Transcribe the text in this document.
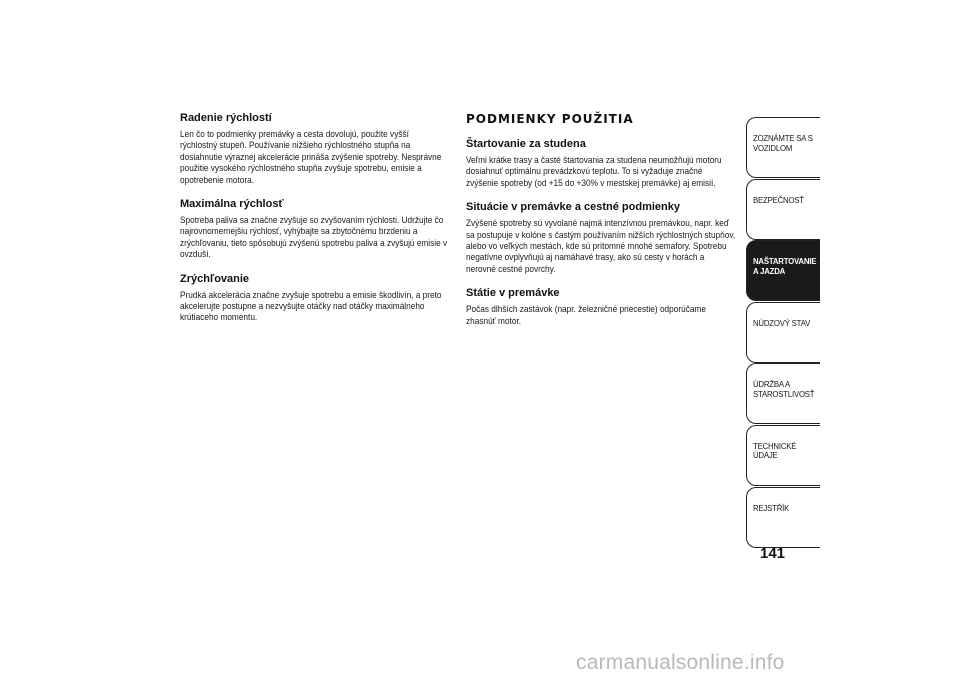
Radenie rýchlostí
Len čo to podmienky premávky a cesta dovolujú, použite vyšší rýchlostný stupeň. Používanie nižšieho rýchlostného stupňa na dosiahnutie výraznej akcelerácie prináša zvýšenie spotreby. Nesprávne použitie vysokého rýchlostného stupňa zvyšuje spotrebu, emisie a opotrebenie motora.
Maximálna rýchlosť
Spotreba paliva sa značne zvyšuje so zvyšovaním rýchlosti. Udržujte čo najrovnomernejšiu rýchlosť, vyhýbajte sa zbytočnému brzdeniu a zrýchľovaniu, tieto spôsobujú zvýšenú spotrebu paliva a zvyšujú emisie v ovzduší.
Zrýchľovanie
Prudká akcelerácia značne zvyšuje spotrebu a emisie škodlivín, a preto akcelerujte postupne a nezvyšujte otáčky nad otáčky maximálneho krútiaceho momentu.
PODMIENKY POUŽITIA
Štartovanie za studena
Veľmi krátke trasy a časté štartovania za studena neumožňujú motoru dosiahnuť optimálnu prevádzkovú teplotu. To si vyžaduje značné zvýšenie spotreby (od +15 do +30% v mestskej premávke) aj emisií.
Situácie v premávke a cestné podmienky
Zvýšené spotreby sú vyvolané najmä intenzívnou premávkou, napr. keď sa postupuje v kolóne s častým používaním nižších rýchlostných stupňov, alebo vo veľkých mestách, kde sú prítomné mnohé semafory. Spotrebu negatívne ovplyvňujú aj namáhavé trasy, ako sú cesty v horách a nerovné cestné povrchy.
Státie v premávke
Počas dlhších zastávok (napr. železničné priecestie) odporúčame zhasnúť motor.
ZOZNÁMTE SA S VOZIDLOM
BEZPEČNOSŤ
NAŠTARTOVANIE A JAZDA
NÚDZOVÝ STAV
ÚDRŽBA A STAROSTLIVOSŤ
TECHNICKÉ ÚDAJE
REJSTŘÍK
141
carmanualsonline.info
